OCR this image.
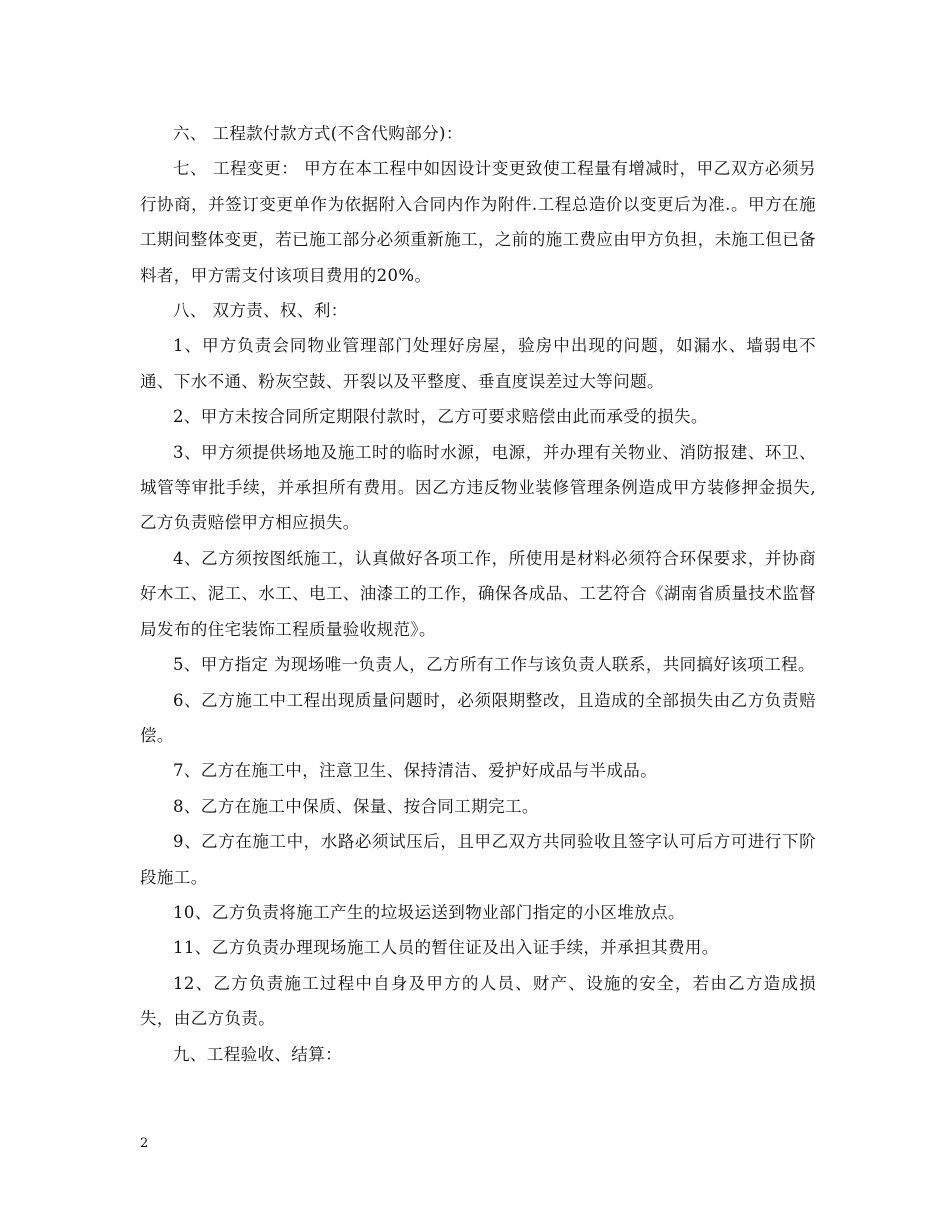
六、 工程款付款方式(不含代购部分)：

七、 工程变更： 甲方在本工程中如因设计变更致使工程量有增减时，甲乙双方必须另行协商，并签订变更单作为依据附入合同内作为附件.工程总造价以变更后为准.。甲方在施工期间整体变更，若已施工部分必须重新施工，之前的施工费应由甲方负担，未施工但已备料者，甲方需支付该项目费用的20%。

八、 双方责、权、利：

1、甲方负责会同物业管理部门处理好房屋，验房中出现的问题，如漏水、墙弱电不通、下水不通、粉灰空鼓、开裂以及平整度、垂直度误差过大等问题。

2、甲方未按合同所定期限付款时，乙方可要求赔偿由此而承受的损失。

3、甲方须提供场地及施工时的临时水源，电源，并办理有关物业、消防报建、环卫、城管等审批手续，并承担所有费用。因乙方违反物业装修管理条例造成甲方装修押金损失,乙方负责赔偿甲方相应损失。

4、乙方须按图纸施工，认真做好各项工作，所使用是材料必须符合环保要求，并协商好木工、泥工、水工、电工、油漆工的工作，确保各成品、工艺符合《湖南省质量技术监督局发布的住宅装饰工程质量验收规范》。

5、甲方指定 为现场唯一负责人，乙方所有工作与该负责人联系，共同搞好该项工程。

6、乙方施工中工程出现质量问题时，必须限期整改，且造成的全部损失由乙方负责赔偿。

7、乙方在施工中，注意卫生、保持清洁、爱护好成品与半成品。

8、乙方在施工中保质、保量、按合同工期完工。

9、乙方在施工中，水路必须试压后，且甲乙双方共同验收且签字认可后方可进行下阶段施工。

10、乙方负责将施工产生的垃圾运送到物业部门指定的小区堆放点。

11、乙方负责办理现场施工人员的暂住证及出入证手续，并承担其费用。

12、乙方负责施工过程中自身及甲方的人员、财产、设施的安全，若由乙方造成损失，由乙方负责。

九、工程验收、结算：

2
